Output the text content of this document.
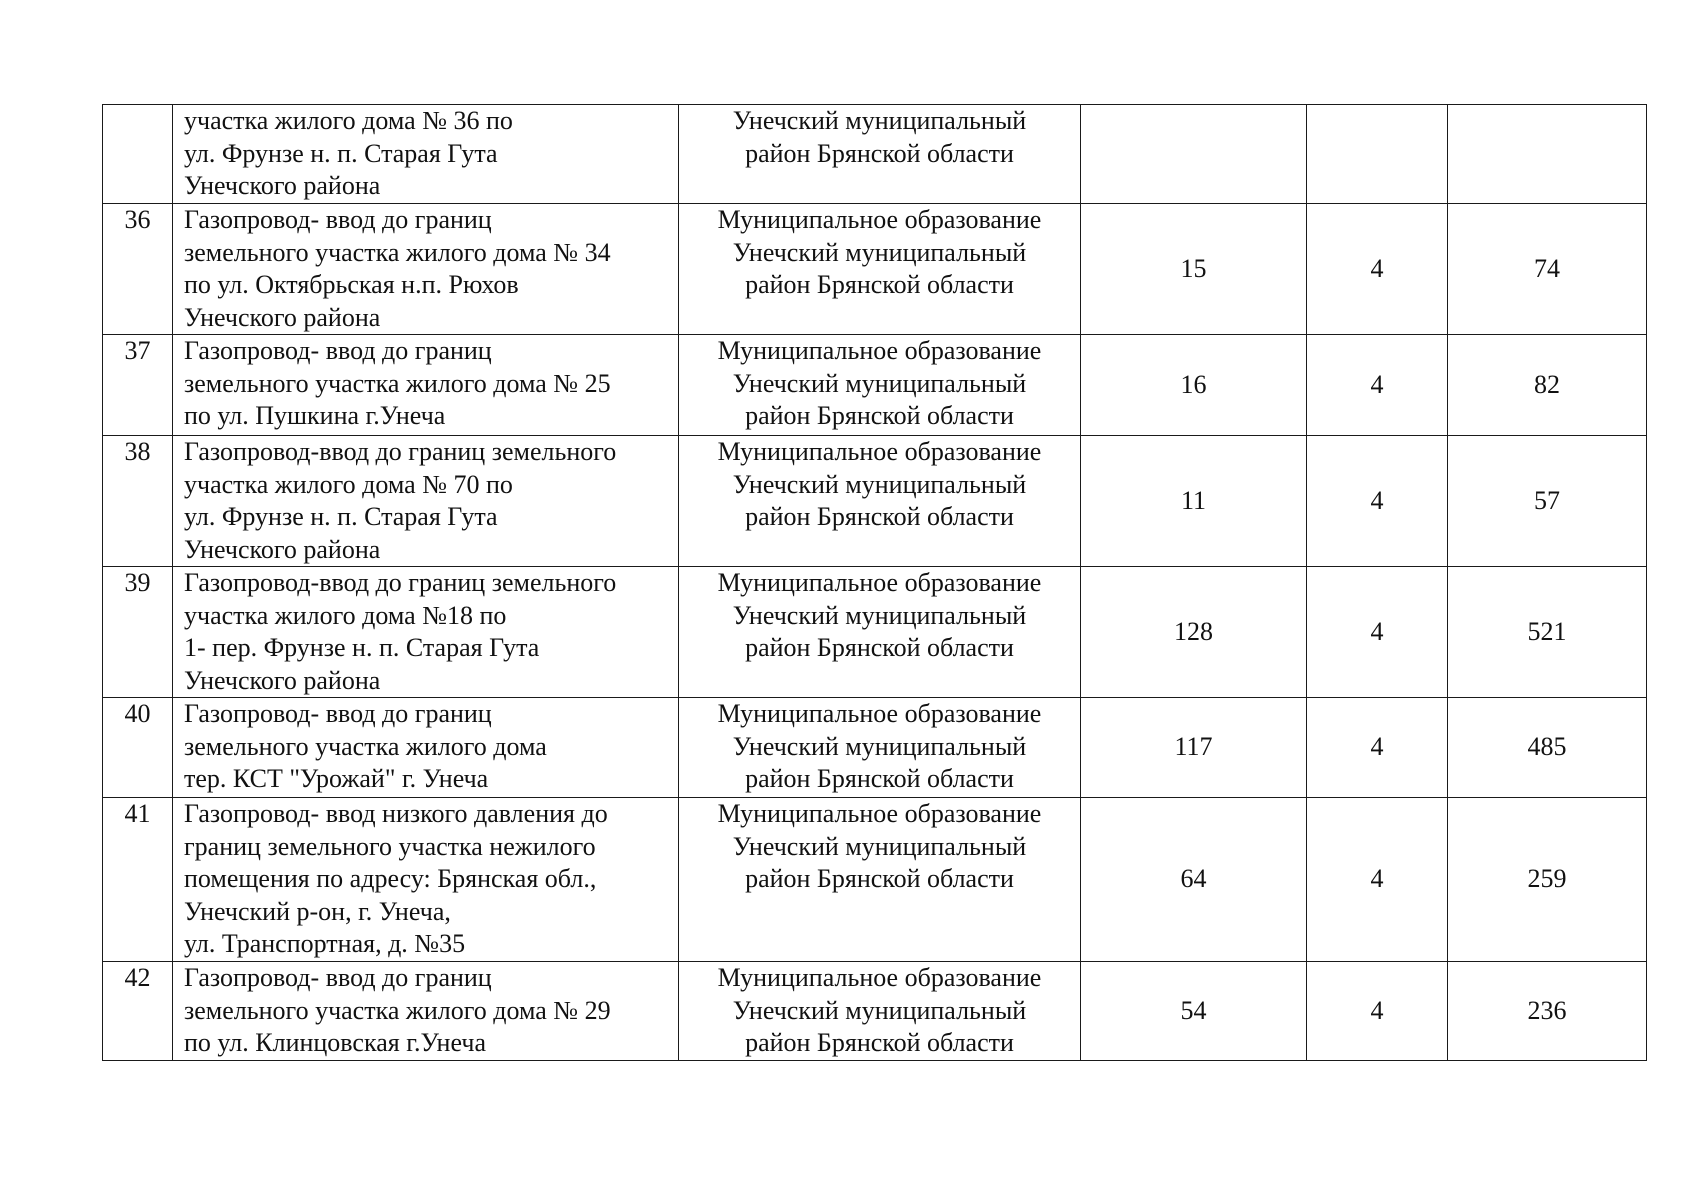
	участка жилого дома № 36 по
ул. Фрунзе н. п. Старая Гута
Унечского района	Унечский муниципальный
район Брянской области			
36	Газопровод- ввод до границ
земельного участка жилого дома № 34
по ул. Октябрьская н.п. Рюхов
Унечского района	Муниципальное образование
Унечский муниципальный
район Брянской области	15	4	74
37	Газопровод- ввод до границ
земельного участка жилого дома № 25
по ул. Пушкина г.Унеча	Муниципальное образование
Унечский муниципальный
район Брянской области	16	4	82
38	Газопровод-ввод до границ земельного
участка жилого дома № 70 по
ул. Фрунзе н. п. Старая Гута
Унечского района	Муниципальное образование
Унечский муниципальный
район Брянской области	11	4	57
39	Газопровод-ввод до границ земельного
участка жилого дома №18 по
1- пер. Фрунзе н. п. Старая Гута
Унечского района	Муниципальное образование
Унечский муниципальный
район Брянской области	128	4	521
40	Газопровод- ввод до границ
земельного участка жилого дома
тер. КСТ "Урожай" г. Унеча	Муниципальное образование
Унечский муниципальный
район Брянской области	117	4	485
41	Газопровод- ввод низкого давления до
границ земельного участка нежилого
помещения по адресу: Брянская обл.,
Унечский р-он, г. Унеча,
ул. Транспортная, д. №35	Муниципальное образование
Унечский муниципальный
район Брянской области	64	4	259
42	Газопровод- ввод до границ
земельного участка жилого дома № 29
по ул. Клинцовская г.Унеча	Муниципальное образование
Унечский муниципальный
район Брянской области	54	4	236
